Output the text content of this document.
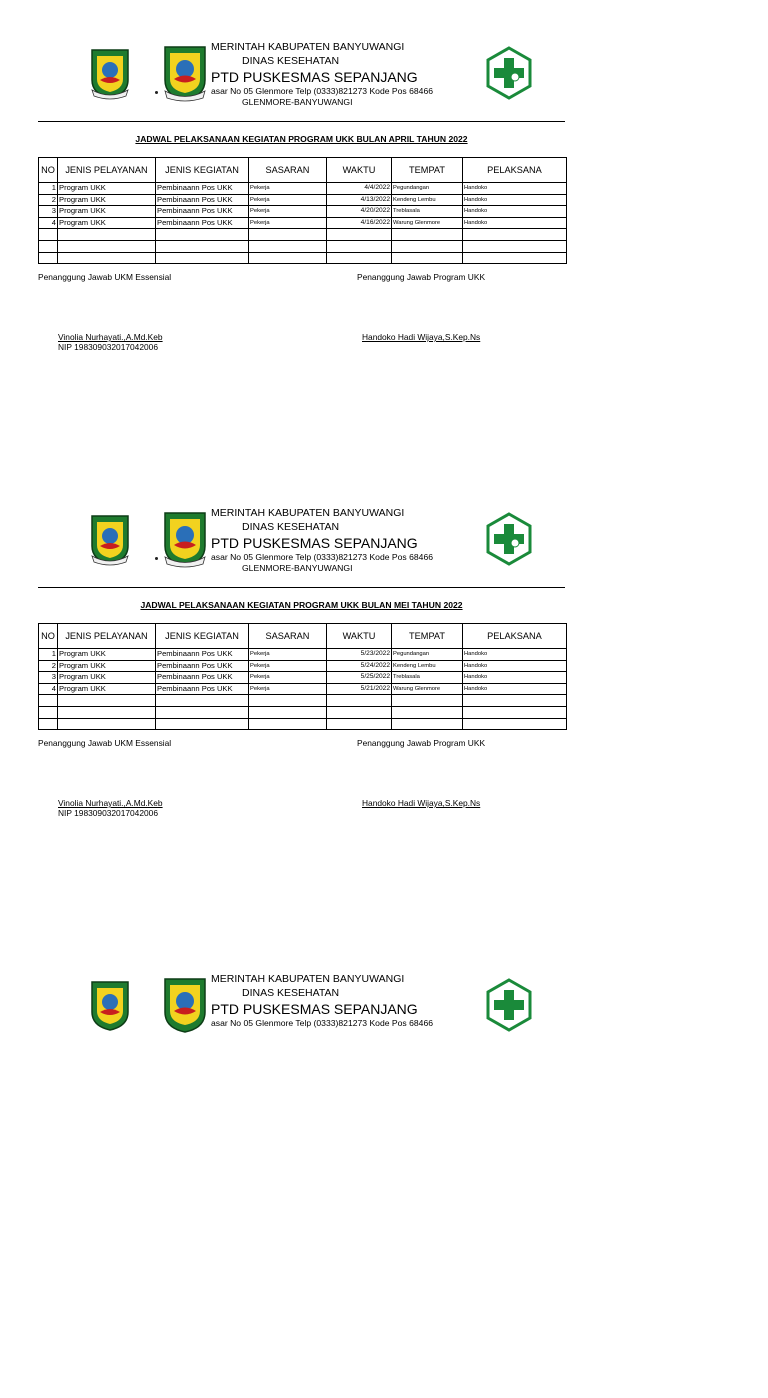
MERINTAH KABUPATEN BANYUWANGI
DINAS KESEHATAN
PTD PUSKESMAS SEPANJANG
asar No 05 Glenmore Telp (0333)821273 Kode Pos 68466
GLENMORE-BANYUWANGI
JADWAL PELAKSANAAN KEGIATAN PROGRAM UKK BULAN APRIL TAHUN 2022
NO	JENIS PELAYANAN	JENIS KEGIATAN	SASARAN	WAKTU	TEMPAT	PELAKSANA
1	Program UKK	Pembinaann Pos UKK	Pekerja	4/4/2022	Pegundangan	Handoko
2	Program UKK	Pembinaann Pos UKK	Pekerja	4/13/2022	Kendeng Lembu	Handoko
3	Program UKK	Pembinaann Pos UKK	Pekerja	4/20/2022	Treblasala	Handoko
4	Program UKK	Pembinaann Pos UKK	Pekerja	4/16/2022	Warung Glenmore	Handoko

Penanggung Jawab UKM Essensial	Penanggung Jawab Program UKK
Vinolia Nurhayati.,A.Md.Keb
NIP 198309032017042006
Handoko Hadi Wijaya,S.Kep.Ns
MERINTAH KABUPATEN BANYUWANGI
DINAS KESEHATAN
PTD PUSKESMAS SEPANJANG
asar No 05 Glenmore Telp (0333)821273 Kode Pos 68466
GLENMORE-BANYUWANGI
JADWAL PELAKSANAAN KEGIATAN PROGRAM UKK BULAN MEI TAHUN 2022
NO	JENIS PELAYANAN	JENIS KEGIATAN	SASARAN	WAKTU	TEMPAT	PELAKSANA
1	Program UKK	Pembinaann Pos UKK	Pekerja	5/23/2022	Pegundangan	Handoko
2	Program UKK	Pembinaann Pos UKK	Pekerja	5/24/2022	Kendeng Lembu	Handoko
3	Program UKK	Pembinaann Pos UKK	Pekerja	5/25/2022	Treblasala	Handoko
4	Program UKK	Pembinaann Pos UKK	Pekerja	5/21/2022	Warung Glenmore	Handoko

Penanggung Jawab UKM Essensial	Penanggung Jawab Program UKK
Vinolia Nurhayati.,A.Md.Keb
NIP 198309032017042006
Handoko Hadi Wijaya,S.Kep.Ns
MERINTAH KABUPATEN BANYUWANGI
DINAS KESEHATAN
PTD PUSKESMAS SEPANJANG
asar No 05 Glenmore Telp (0333)821273 Kode Pos 68466
